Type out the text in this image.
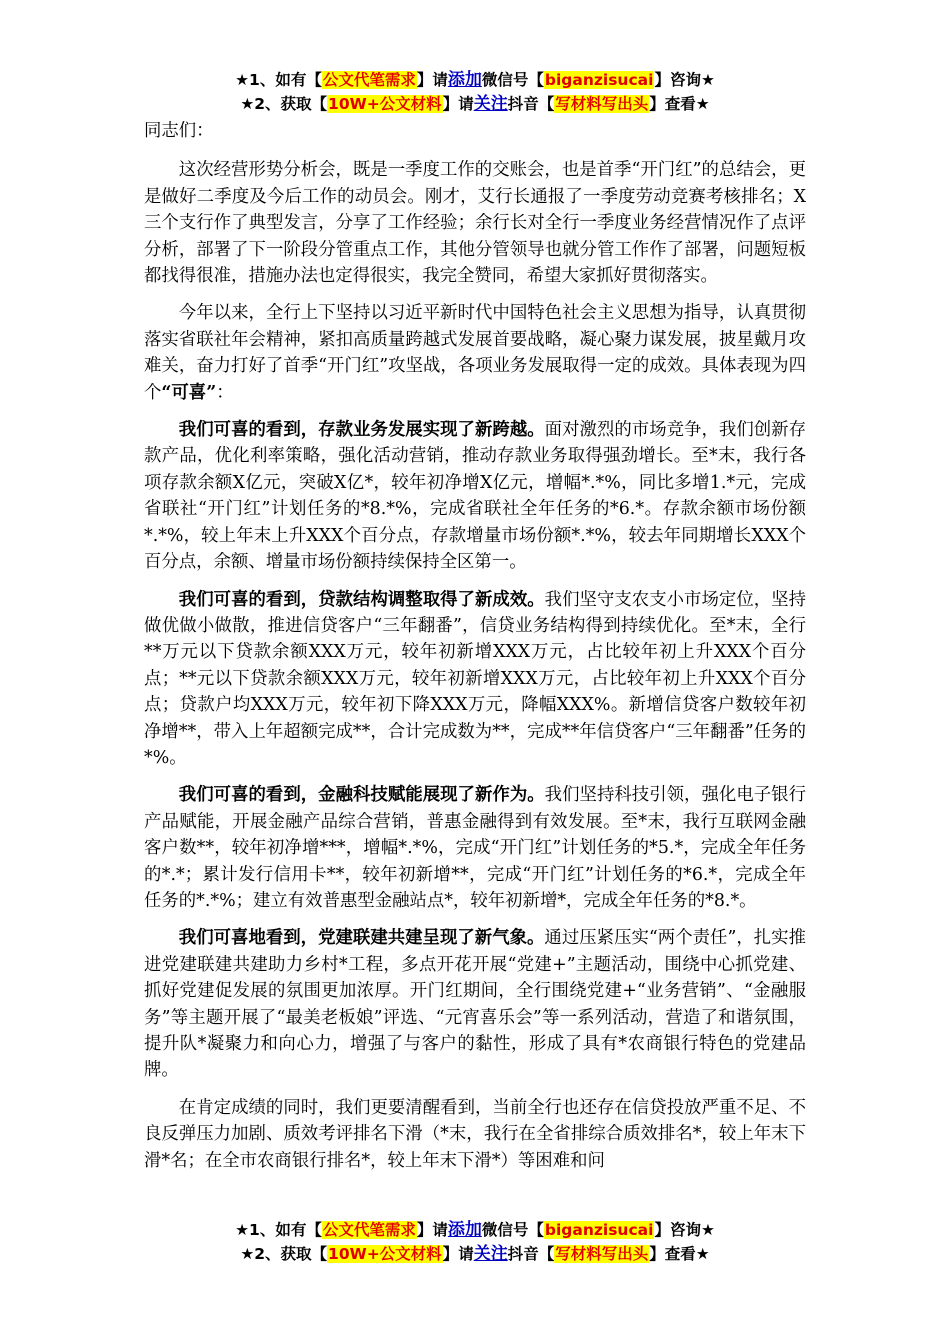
★1、如有【公文代笔需求】请添加微信号【biganzisucai】咨询★
★2、获取【10W+公文材料】请关注抖音【写材料写出头】查看★

同志们：

这次经营形势分析会，既是一季度工作的交账会，也是首季“开门红”的总结会，更是做好二季度及今后工作的动员会。刚才，艾行长通报了一季度劳动竞赛考核排名；X三个支行作了典型发言，分享了工作经验；余行长对全行一季度业务经营情况作了点评分析，部署了下一阶段分管重点工作，其他分管领导也就分管工作作了部署，问题短板都找得很准，措施办法也定得很实，我完全赞同，希望大家抓好贯彻落实。

今年以来，全行上下坚持以习近平新时代中国特色社会主义思想为指导，认真贯彻落实省联社年会精神，紧扣高质量跨越式发展首要战略，凝心聚力谋发展，披星戴月攻难关，奋力打好了首季“开门红”攻坚战，各项业务发展取得一定的成效。具体表现为四个“可喜”：

我们可喜的看到，存款业务发展实现了新跨越。面对激烈的市场竞争，我们创新存款产品，优化利率策略，强化活动营销，推动存款业务取得强劲增长。至*末，我行各项存款余额X亿元，突破X亿*，较年初净增X亿元，增幅*.*%，同比多增1.*元，完成省联社“开门红”计划任务的*8.*%，完成省联社全年任务的*6.*。存款余额市场份额*.*%，较上年末上升XXX个百分点，存款增量市场份额*.*%，较去年同期增长XXX个百分点，余额、增量市场份额持续保持全区第一。

我们可喜的看到，贷款结构调整取得了新成效。我们坚守支农支小市场定位，坚持做优做小做散，推进信贷客户“三年翻番”，信贷业务结构得到持续优化。至*末，全行**万元以下贷款余额XXX万元，较年初新增XXX万元，占比较年初上升XXX个百分点；**元以下贷款余额XXX万元，较年初新增XXX万元，占比较年初上升XXX个百分点；贷款户均XXX万元，较年初下降XXX万元，降幅XXX%。新增信贷客户数较年初净增**，带入上年超额完成**，合计完成数为**，完成**年信贷客户“三年翻番”任务的*%。

我们可喜的看到，金融科技赋能展现了新作为。我们坚持科技引领，强化电子银行产品赋能，开展金融产品综合营销，普惠金融得到有效发展。至*末，我行互联网金融客户数**，较年初净增***，增幅*.*%，完成“开门红”计划任务的*5.*，完成全年任务的*.*；累计发行信用卡**，较年初新增**，完成“开门红”计划任务的*6.*，完成全年任务的*.*%；建立有效普惠型金融站点*，较年初新增*，完成全年任务的*8.*。

我们可喜地看到，党建联建共建呈现了新气象。通过压紧压实“两个责任”，扎实推进党建联建共建助力乡村*工程，多点开花开展“党建+”主题活动，围绕中心抓党建、抓好党建促发展的氛围更加浓厚。开门红期间，全行围绕党建+“业务营销”、“金融服务”等主题开展了“最美老板娘”评选、“元宵喜乐会”等一系列活动，营造了和谐氛围，提升队*凝聚力和向心力，增强了与客户的黏性，形成了具有*农商银行特色的党建品牌。

在肯定成绩的同时，我们更要清醒看到，当前全行也还存在信贷投放严重不足、不良反弹压力加剧、质效考评排名下滑（*末，我行在全省排综合质效排名*，较上年末下滑*名；在全市农商银行排名*，较上年末下滑*）等困难和问

★1、如有【公文代笔需求】请添加微信号【biganzisucai】咨询★
★2、获取【10W+公文材料】请关注抖音【写材料写出头】查看★
